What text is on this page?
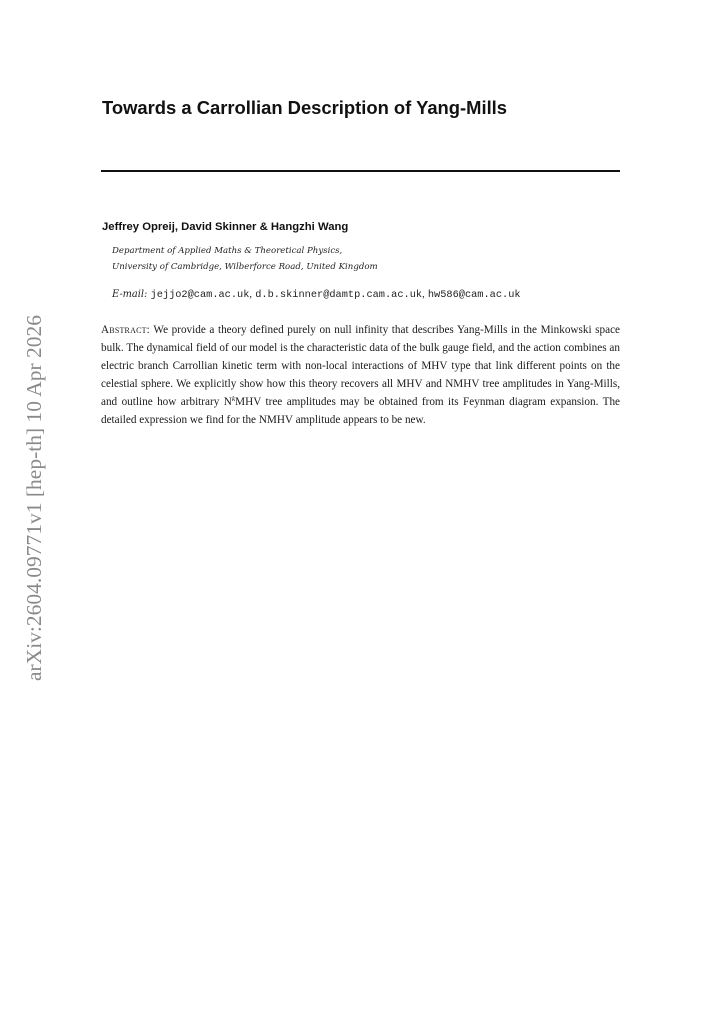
arXiv:2604.09771v1 [hep-th] 10 Apr 2026
Towards a Carrollian Description of Yang-Mills
Jeffrey Opreij, David Skinner & Hangzhi Wang
Department of Applied Maths & Theoretical Physics,
University of Cambridge, Wilberforce Road, United Kingdom
E-mail: jejjo2@cam.ac.uk, d.b.skinner@damtp.cam.ac.uk, hw586@cam.ac.uk
Abstract: We provide a theory defined purely on null infinity that describes Yang-Mills in the Minkowski space bulk. The dynamical field of our model is the characteristic data of the bulk gauge field, and the action combines an electric branch Carrollian kinetic term with non-local interactions of MHV type that link different points on the celestial sphere. We explicitly show how this theory recovers all MHV and NMHV tree amplitudes in Yang-Mills, and outline how arbitrary $N^kMHV$ tree amplitudes may be obtained from its Feynman diagram expansion. The detailed expression we find for the NMHV amplitude appears to be new.
